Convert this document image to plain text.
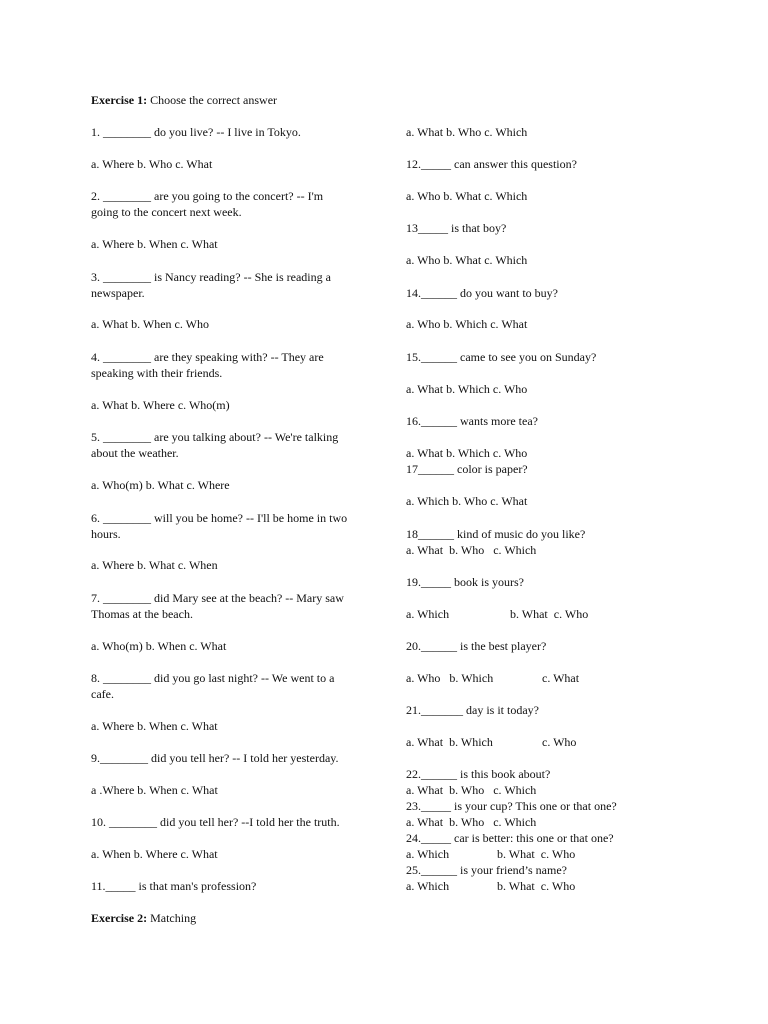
Exercise 1: Choose the correct answer
1. ________ do you live? -- I live in Tokyo.
a. Where b. Who c. What
2. ________ are you going to the concert? -- I'm
going to the concert next week.
a. Where b. When c. What
3. ________ is Nancy reading? -- She is reading a
newspaper.
a. What b. When c. Who
4. ________ are they speaking with? -- They are
speaking with their friends.
a. What b. Where c. Who(m)
5. ________ are you talking about? -- We're talking
about the weather.
a. Who(m) b. What c. Where
6. ________ will you be home? -- I'll be home in two
hours.
a. Where b. What c. When
7. ________ did Mary see at the beach? -- Mary saw
Thomas at the beach.
a. Who(m) b. When c. What
8. ________ did you go last night? -- We went to a
cafe.
a. Where b. When c. What
9.________ did you tell her? -- I told her yesterday.
a .Where b. When c. What
10. ________ did you tell her? --I told her the truth.
a. When b. Where c. What
11._____ is that man's profession?
Exercise 2: Matching
a. What b. Who c. Which
12._____ can answer this question?
a. Who b. What c. Which
13_____ is that boy?
a. Who b. What c. Which
14.______ do you want to buy?
a. Who b. Which c. What
15.______ came to see you on Sunday?
a. What b. Which c. Who
16.______ wants more tea?
a. What b. Which c. Who
17______ color is paper?
a. Which b. Who c. What
18______ kind of music do you like?
a. What  b. Who   c. Which
19._____ book is yours?
a. Which	b. What  c. Who
20.______ is the best player?
a. Who   b. Which	c. What
21._______ day is it today?
a. What  b. Which	c. Who
22.______ is this book about?
a. What  b. Who   c. Which
23._____ is your cup? This one or that one?
a. What  b. Who   c. Which
24._____ car is better: this one or that one?
a. Which	b. What  c. Who
25.______ is your friend’s name?
a. Which	b. What  c. Who
